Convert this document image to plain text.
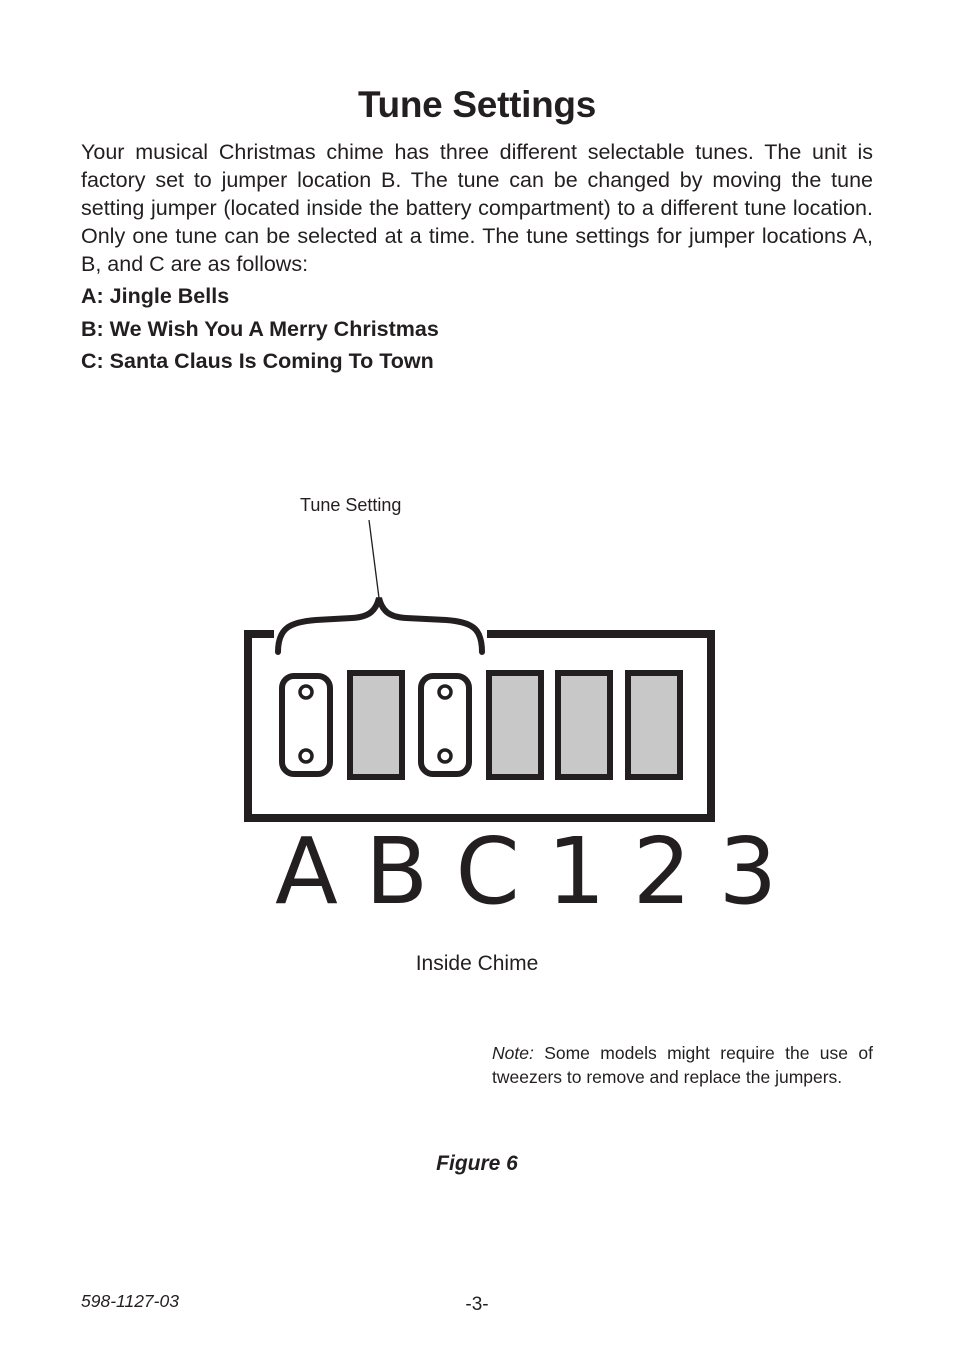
Tune Settings

Your musical Christmas chime has three different selectable tunes. The unit is factory set to jumper location B. The tune can be changed by moving the tune setting jumper (located inside the battery compartment) to a different tune location. Only one tune can be selected at a time. The tune settings for jumper locations A, B, and C are as follows:

A: Jingle Bells
B: We Wish You A Merry Christmas
C: Santa Claus Is Coming To Town
Tune Setting
A B C 1 2 3
Inside Chime

Note: Some models might require the use of tweezers to remove and replace the jumpers.

Figure 6
598-1127-03	-3-
